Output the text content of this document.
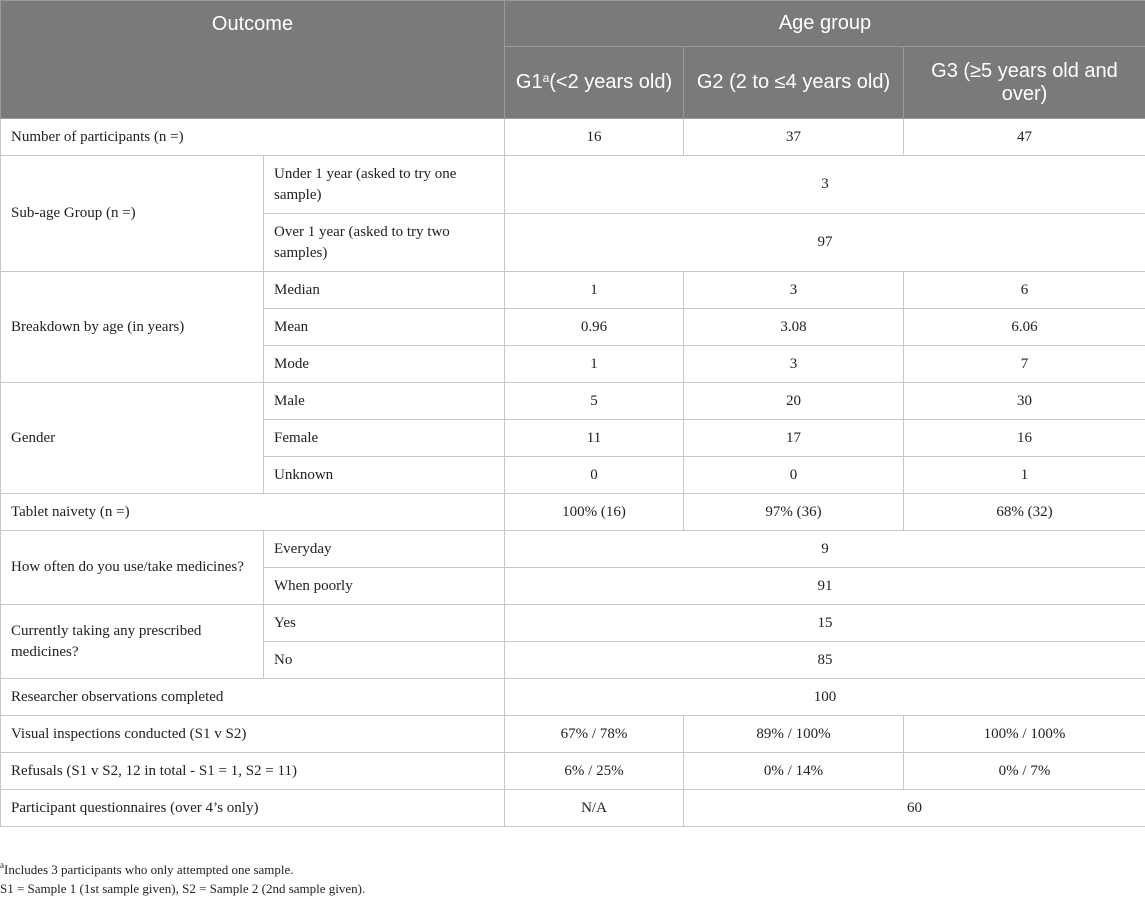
Outcome		Age group		
		$G1^a(<2$ years old)	G2 (2 to ≤4 years old)	G3 (≥5 years old and over)
Number of participants (n =)		16	37	47
Sub-age Group (n =)	Under 1 year (asked to try one sample)	3		
	Over 1 year (asked to try two samples)	97		
Breakdown by age (in years)	Median	1	3	6
	Mean	0.96	3.08	6.06
	Mode	1	3	7
Gender	Male	5	20	30
	Female	11	17	16
	Unknown	0	0	1
Tablet naivety (n =)		100% (16)	97% (36)	68% (32)
How often do you use/take medicines?	Everyday	9		
	When poorly	91		
Currently taking any prescribed medicines?	Yes	15		
	No	85		
Researcher observations completed		100		
Visual inspections conducted (S1 v S2)		67% / 78%	89% / 100%	100% / 100%
Refusals (S1 v S2, 12 in total - S1 = 1, S2 = 11)		6% / 25%	0% / 14%	0% / 7%
Participant questionnaires (over 4’s only)		N/A	60	
$^a$Includes 3 participants who only attempted one sample.
S1 = Sample 1 (1st sample given), S2 = Sample 2 (2nd sample given).
